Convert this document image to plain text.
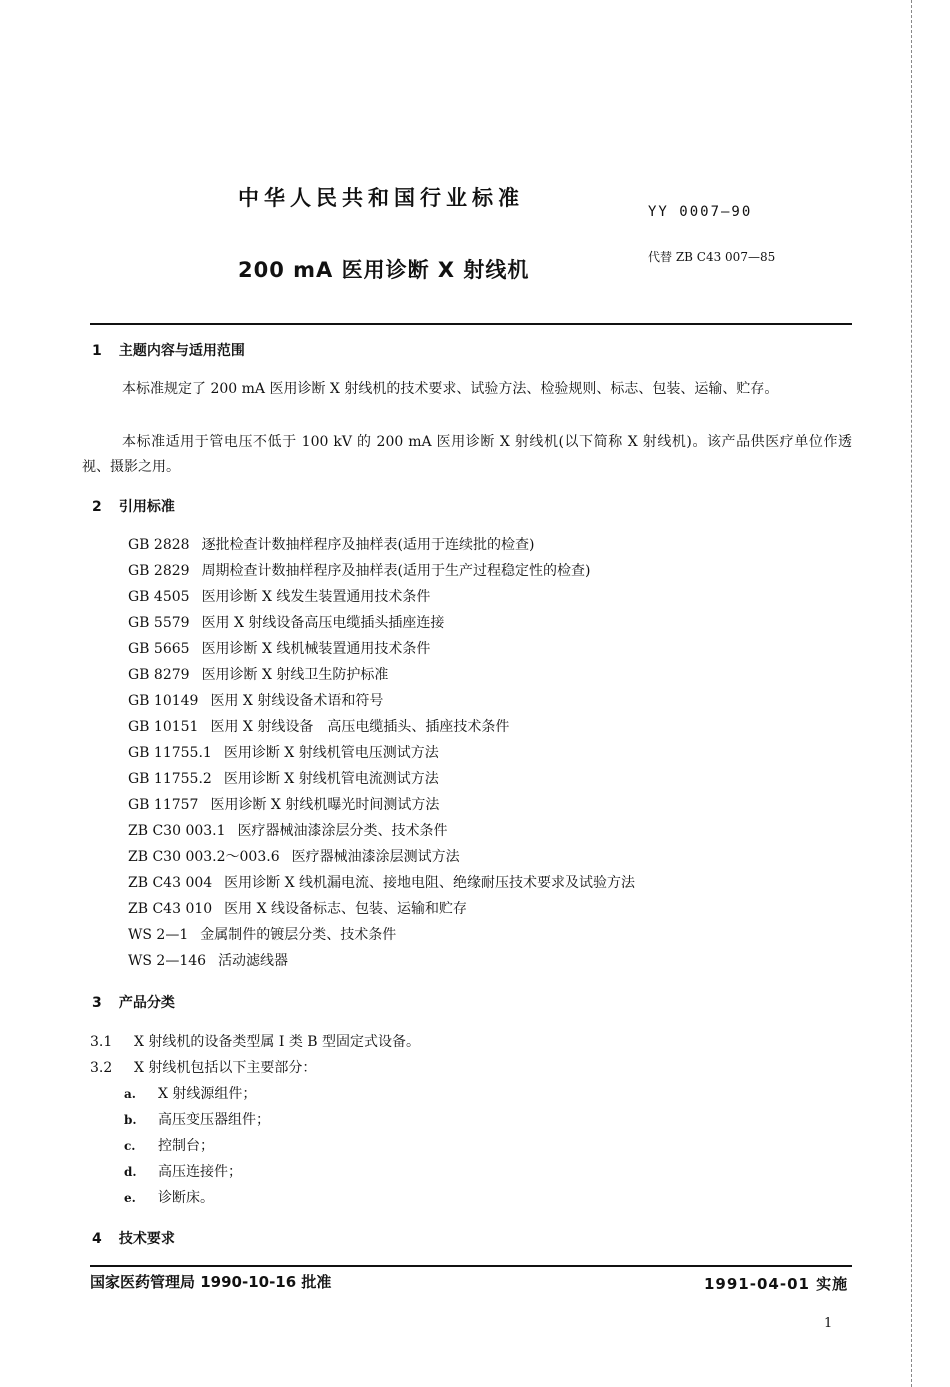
中华人民共和国行业标准
YY 0007—90
200 mA 医用诊断 X 射线机
代替 ZB C43 007—85
1 主题内容与适用范围
本标准规定了 200 mA 医用诊断 X 射线机的技术要求、试验方法、检验规则、标志、包装、运输、贮存。
本标准适用于管电压不低于 100 kV 的 200 mA 医用诊断 X 射线机(以下简称 X 射线机)。该产品供医疗单位作透视、摄影之用。
2 引用标准
GB 2828 逐批检查计数抽样程序及抽样表(适用于连续批的检查)
GB 2829 周期检查计数抽样程序及抽样表(适用于生产过程稳定性的检查)
GB 4505 医用诊断 X 线发生装置通用技术条件
GB 5579 医用 X 射线设备高压电缆插头插座连接
GB 5665 医用诊断 X 线机械装置通用技术条件
GB 8279 医用诊断 X 射线卫生防护标准
GB 10149 医用 X 射线设备术语和符号
GB 10151 医用 X 射线设备　高压电缆插头、插座技术条件
GB 11755.1 医用诊断 X 射线机管电压测试方法
GB 11755.2 医用诊断 X 射线机管电流测试方法
GB 11757 医用诊断 X 射线机曝光时间测试方法
ZB C30 003.1 医疗器械油漆涂层分类、技术条件
ZB C30 003.2～003.6 医疗器械油漆涂层测试方法
ZB C43 004 医用诊断 X 线机漏电流、接地电阻、绝缘耐压技术要求及试验方法
ZB C43 010 医用 X 线设备标志、包装、运输和贮存
WS 2—1 金属制件的镀层分类、技术条件
WS 2—146 活动滤线器
3 产品分类
3.1 X 射线机的设备类型属 I 类 B 型固定式设备。
3.2 X 射线机包括以下主要部分：
a. X 射线源组件；
b. 高压变压器组件；
c. 控制台；
d. 高压连接件；
e. 诊断床。
4 技术要求
国家医药管理局 1990-10-16 批准	1991-04-01 实施
1
